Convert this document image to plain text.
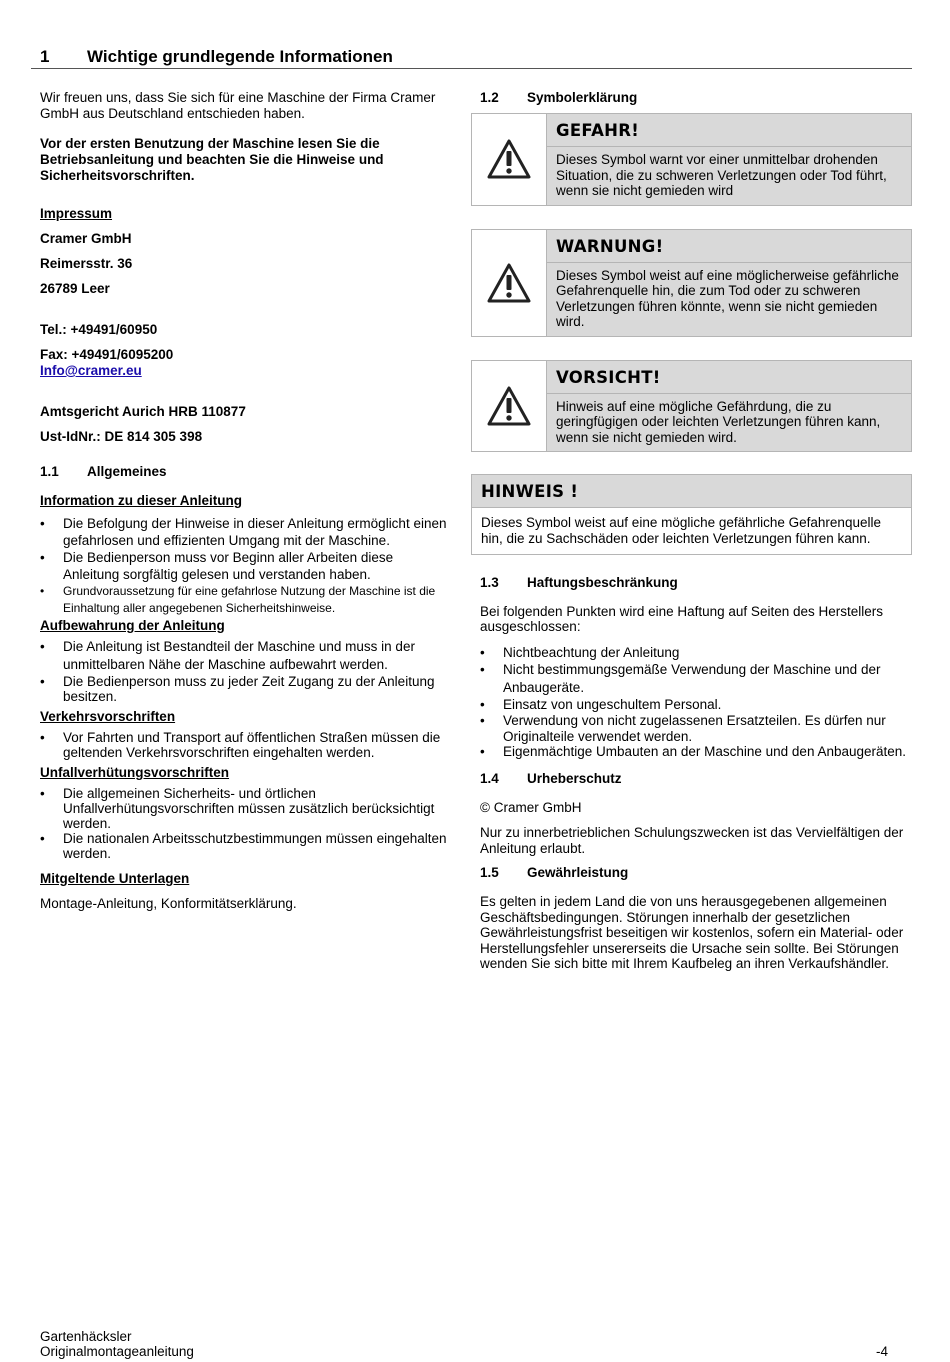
1 Wichtige grundlegende Informationen

Wir freuen uns, dass Sie sich für eine Maschine der Firma Cramer GmbH aus Deutschland entschieden haben.

Vor der ersten Benutzung der Maschine lesen Sie die Betriebsanleitung und beachten Sie die Hinweise und Sicherheitsvorschriften.

Impressum

Cramer GmbH

Reimersstr. 36

26789 Leer

Tel.: +49491/60950

Fax: +49491/6095200

Info@cramer.eu

Amtsgericht Aurich HRB 110877

Ust-IdNr.: DE 814 305 398

1.1 Allgemeines

Information zu dieser Anleitung

• Die Befolgung der Hinweise in dieser Anleitung ermöglicht einen gefahrlosen und effizienten Umgang mit der Maschine.
• Die Bedienperson muss vor Beginn aller Arbeiten diese Anleitung sorgfältig gelesen und verstanden haben.
• Grundvoraussetzung für eine gefahrlose Nutzung der Maschine ist die Einhaltung aller angegebenen Sicherheitshinweise.

Aufbewahrung der Anleitung

• Die Anleitung ist Bestandteil der Maschine und muss in der unmittelbaren Nähe der Maschine aufbewahrt werden.
• Die Bedienperson muss zu jeder Zeit Zugang zu der Anleitung besitzen.

Verkehrsvorschriften

• Vor Fahrten und Transport auf öffentlichen Straßen müssen die geltenden Verkehrsvorschriften eingehalten werden.

Unfallverhütungsvorschriften

• Die allgemeinen Sicherheits- und örtlichen Unfallverhütungsvorschriften müssen zusätzlich berücksichtigt werden.
• Die nationalen Arbeitsschutzbestimmungen müssen eingehalten werden.

Mitgeltende Unterlagen

Montage-Anleitung, Konformitätserklärung.

1.2 Symbolerklärung
GEFAHR!
Dieses Symbol warnt vor einer unmittelbar drohenden Situation, die zu schweren Verletzungen oder Tod führt, wenn sie nicht gemieden wird
WARNUNG!
Dieses Symbol weist auf eine möglicherweise gefährliche Gefahrenquelle hin, die zum Tod oder zu schweren Verletzungen führen könnte, wenn sie nicht gemieden wird.
VORSICHT!
Hinweis auf eine mögliche Gefährdung, die zu geringfügigen oder leichten Verletzungen führen kann, wenn sie nicht gemieden wird.
HINWEIS !
Dieses Symbol weist auf eine mögliche gefährliche Gefahrenquelle hin, die zu Sachschäden oder leichten Verletzungen führen kann.
1.3 Haftungsbeschränkung

Bei folgenden Punkten wird eine Haftung auf Seiten des Herstellers ausgeschlossen:

• Nichtbeachtung der Anleitung
• Nicht bestimmungsgemäße Verwendung der Maschine und der Anbaugeräte.
• Einsatz von ungeschultem Personal.
• Verwendung von nicht zugelassenen Ersatzteilen. Es dürfen nur Originalteile verwendet werden.
• Eigenmächtige Umbauten an der Maschine und den Anbaugeräten.
1.4 Urheberschutz

© Cramer GmbH

Nur zu innerbetrieblichen Schulungszwecken ist das Vervielfältigen der Anleitung erlaubt.

1.5 Gewährleistung

Es gelten in jedem Land die von uns herausgegebenen allgemeinen Geschäftsbedingungen. Störungen innerhalb der gesetzlichen Gewährleistungsfrist beseitigen wir kostenlos, sofern ein Material- oder Herstellungsfehler unsererseits die Ursache sein sollte. Bei Störungen wenden Sie sich bitte mit Ihrem Kaufbeleg an ihren Verkaufshändler.

Gartenhäcksler
Originalmontageanleitung	-4
